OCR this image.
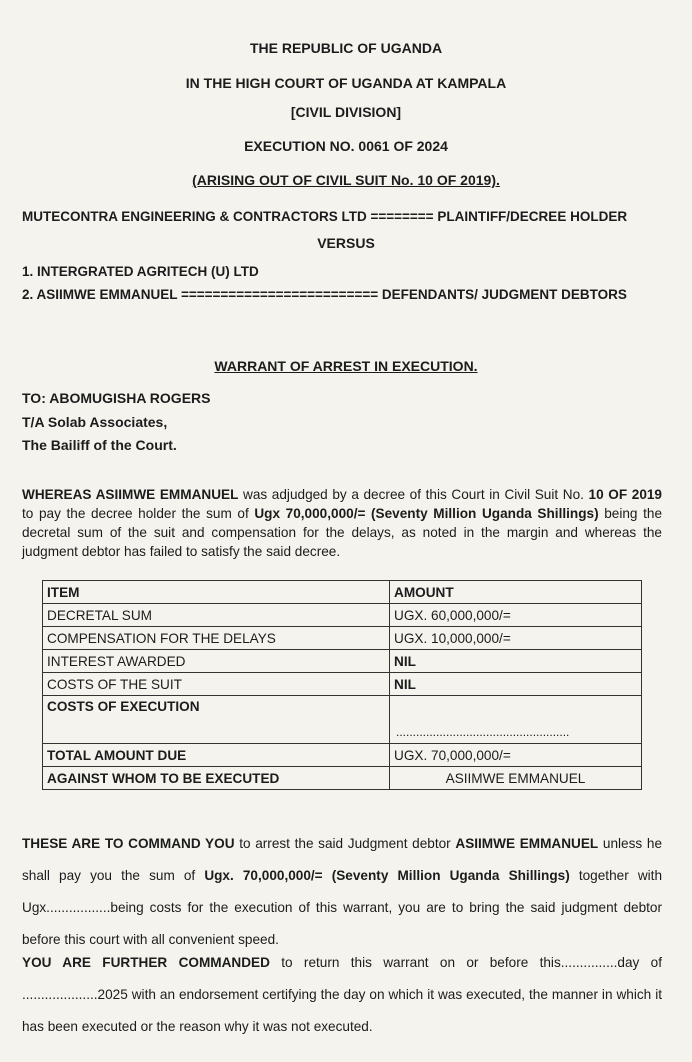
THE REPUBLIC OF UGANDA
IN THE HIGH COURT OF UGANDA AT KAMPALA
[CIVIL DIVISION]
EXECUTION NO. 0061 OF 2024
(ARISING OUT OF CIVIL SUIT No. 10 OF 2019).
MUTECONTRA ENGINEERING & CONTRACTORS LTD ======== PLAINTIFF/DECREE HOLDER
VERSUS
1. INTERGRATED AGRITECH (U) LTD
2. ASIIMWE EMMANUEL ========================= DEFENDANTS/ JUDGMENT DEBTORS
WARRANT OF ARREST IN EXECUTION.
TO: ABOMUGISHA ROGERS
T/A Solab Associates,
The Bailiff of the Court.
WHEREAS ASIIMWE EMMANUEL was adjudged by a decree of this Court in Civil Suit No. 10 OF 2019 to pay the decree holder the sum of Ugx 70,000,000/= (Seventy Million Uganda Shillings) being the decretal sum of the suit and compensation for the delays, as noted in the margin and whereas the judgment debtor has failed to satisfy the said decree.
ITEM	AMOUNT
DECRETAL SUM	UGX. 60,000,000/=
COMPENSATION FOR THE DELAYS	UGX. 10,000,000/=
INTEREST AWARDED	NIL
COSTS OF THE SUIT	NIL
COSTS OF EXECUTION	....................................................

TOTAL AMOUNT DUE	UGX. 70,000,000/=
AGAINST WHOM TO BE EXECUTED	ASIIMWE EMMANUEL
THESE ARE TO COMMAND YOU to arrest the said Judgment debtor ASIIMWE EMMANUEL unless he shall pay you the sum of Ugx. 70,000,000/= (Seventy Million Uganda Shillings) together with Ugx.................being costs for the execution of this warrant, you are to bring the said judgment debtor before this court with all convenient speed.
YOU ARE FURTHER COMMANDED to return this warrant on or before this...............day of ....................2025 with an endorsement certifying the day on which it was executed, the manner in which it has been executed or the reason why it was not executed.
